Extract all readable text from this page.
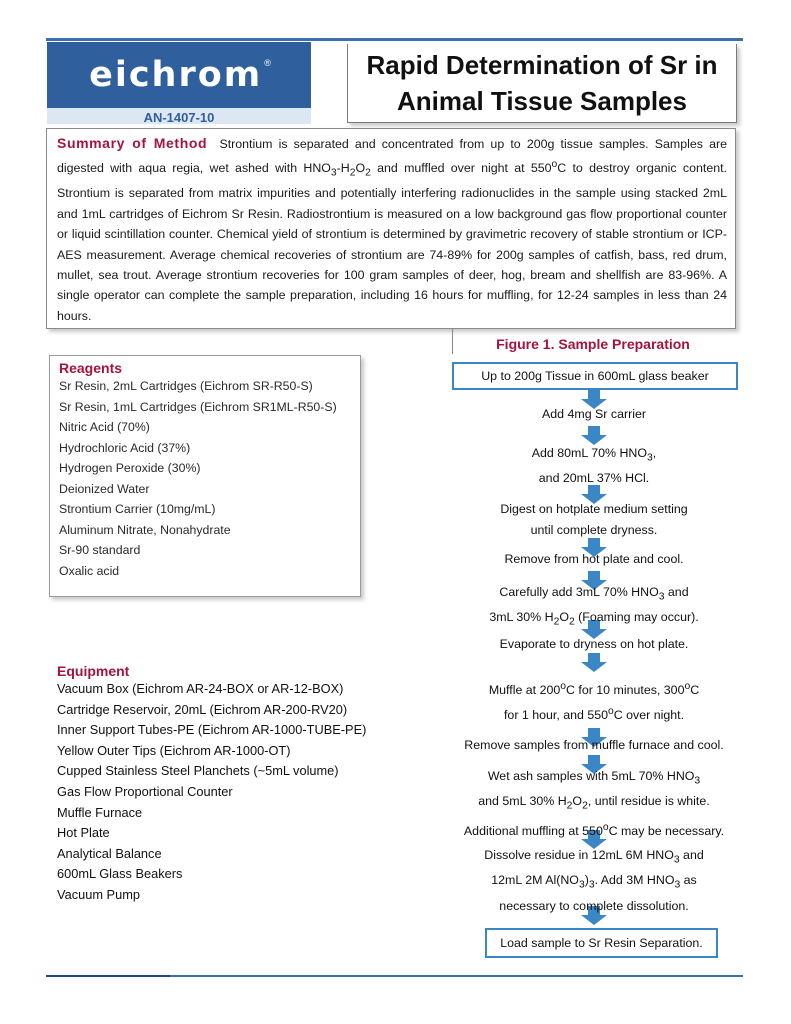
eichrom®
AN-1407-10
Rapid Determination of Sr in
Animal Tissue Samples

Summary of Method Strontium is separated and concentrated from up to 200g tissue samples. Samples are digested with aqua regia, wet ashed with $HNO_3-H_2O_2$ and muffled over night at 550$^o$C to destroy organic content. Strontium is separated from matrix impurities and potentially interfering radionuclides in the sample using stacked 2mL and 1mL cartridges of Eichrom Sr Resin. Radiostrontium is measured on a low background gas flow proportional counter or liquid scintillation counter. Chemical yield of strontium is determined by gravimetric recovery of stable strontium or ICP-AES measurement. Average chemical recoveries of strontium are 74-89% for 200g samples of catfish, bass, red drum, mullet, sea trout. Average strontium recoveries for 100 gram samples of deer, hog, bream and shellfish are 83-96%. A single operator can complete the sample preparation, including 16 hours for muffling, for 12-24 samples in less than 24 hours.

Reagents
Sr Resin, 2mL Cartridges (Eichrom SR-R50-S)
Sr Resin, 1mL Cartridges (Eichrom SR1ML-R50-S)
Nitric Acid (70%)
Hydrochloric Acid (37%)
Hydrogen Peroxide (30%)
Deionized Water
Strontium Carrier (10mg/mL)
Aluminum Nitrate, Nonahydrate
Sr-90 standard
Oxalic acid
Equipment
Vacuum Box (Eichrom AR-24-BOX or AR-12-BOX)
Cartridge Reservoir, 20mL (Eichrom AR-200-RV20)
Inner Support Tubes-PE (Eichrom AR-1000-TUBE-PE)
Yellow Outer Tips (Eichrom AR-1000-OT)
Cupped Stainless Steel Planchets (~5mL volume)
Gas Flow Proportional Counter
Muffle Furnace
Hot Plate
Analytical Balance
600mL Glass Beakers
Vacuum Pump
Figure 1. Sample Preparation
Up to 200g Tissue in 600mL glass beaker
Add 4mg Sr carrier
Add 80mL 70% $HNO_3$,
and 20mL 37% HCl.
Digest on hotplate medium setting
until complete dryness.
Remove from hot plate and cool.
Carefully add 3mL 70% $HNO_3$ and
3mL 30% $H_2O_2$ (Foaming may occur).
Evaporate to dryness on hot plate.
Muffle at 200$^o$C for 10 minutes, 300$^o$C
for 1 hour, and 550$^o$C over night.
Remove samples from muffle furnace and cool.
Wet ash samples with 5mL 70% $HNO_3$
and 5mL 30% $H_2O_2$, until residue is white.
Additional muffling at 550$^o$C may be necessary.
Dissolve residue in 12mL 6M $HNO_3$ and
12mL 2M $Al(NO_3)_3$. Add 3M $HNO_3$ as
necessary to complete dissolution.
Load sample to Sr Resin Separation.
